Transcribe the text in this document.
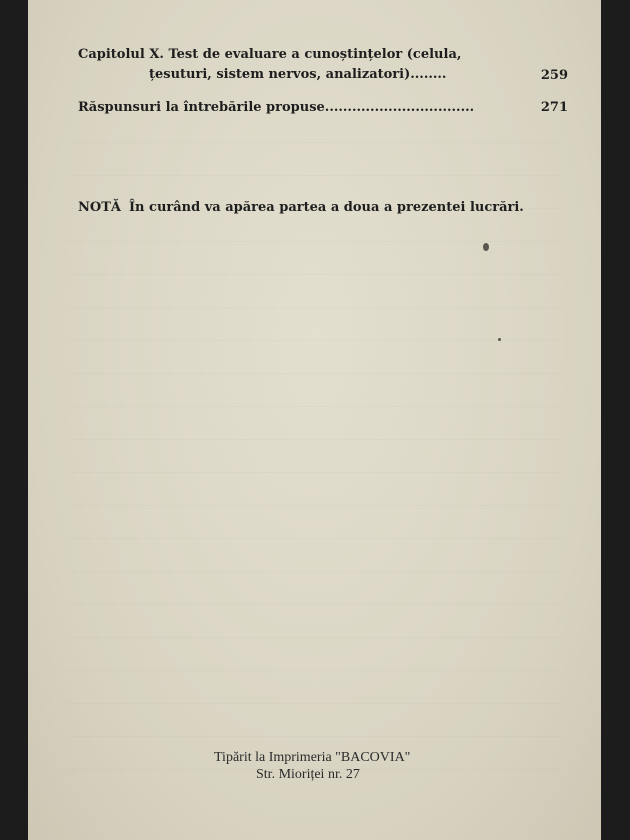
Capitolul X. Test de evaluare a cunoștințelor (celula,
țesuturi, sistem nervos, analizatori)........	259
Răspunsuri la întrebările propuse.................................	271
NOTĂ În curând va apărea partea a doua a prezentei lucrări.
Tipărit la Imprimeria "BACOVIA"
Str. Mioriței nr. 27
